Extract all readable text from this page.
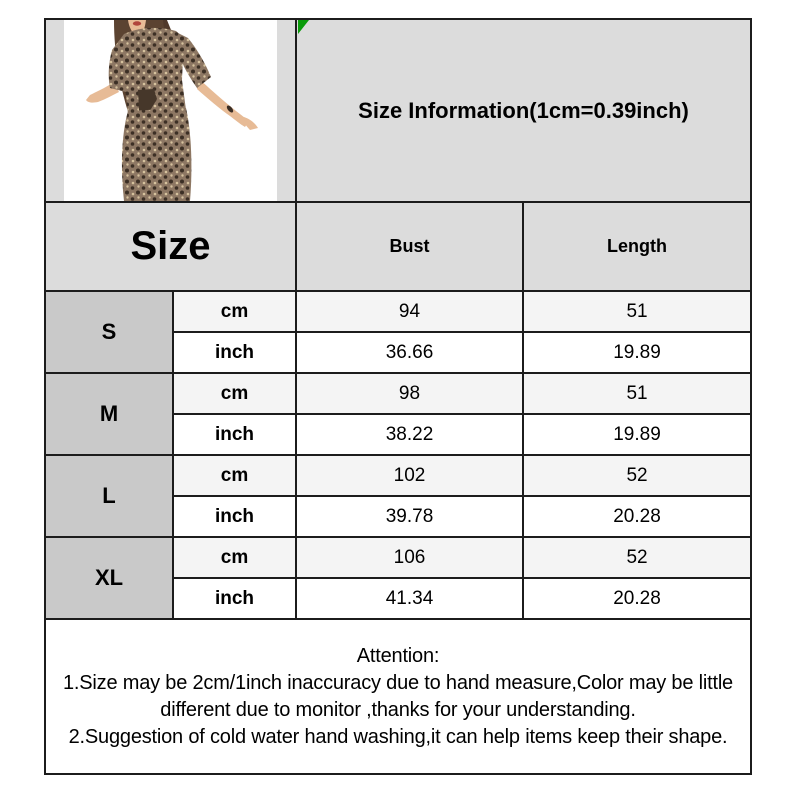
Size Information(1cm=0.39inch)	
Size		Bust	Length
S	cm	94	51
	inch	36.66	19.89
M	cm	98	51
	inch	38.22	19.89
L	cm	102	52
	inch	39.78	20.28
XL	cm	106	52
	inch	41.34	20.28

Attention:
1.Size may be 2cm/1inch inaccuracy due to hand measure,Color may be little different due to monitor ,thanks for your understanding.
2.Suggestion of cold water hand washing,it can help items keep their shape.			
